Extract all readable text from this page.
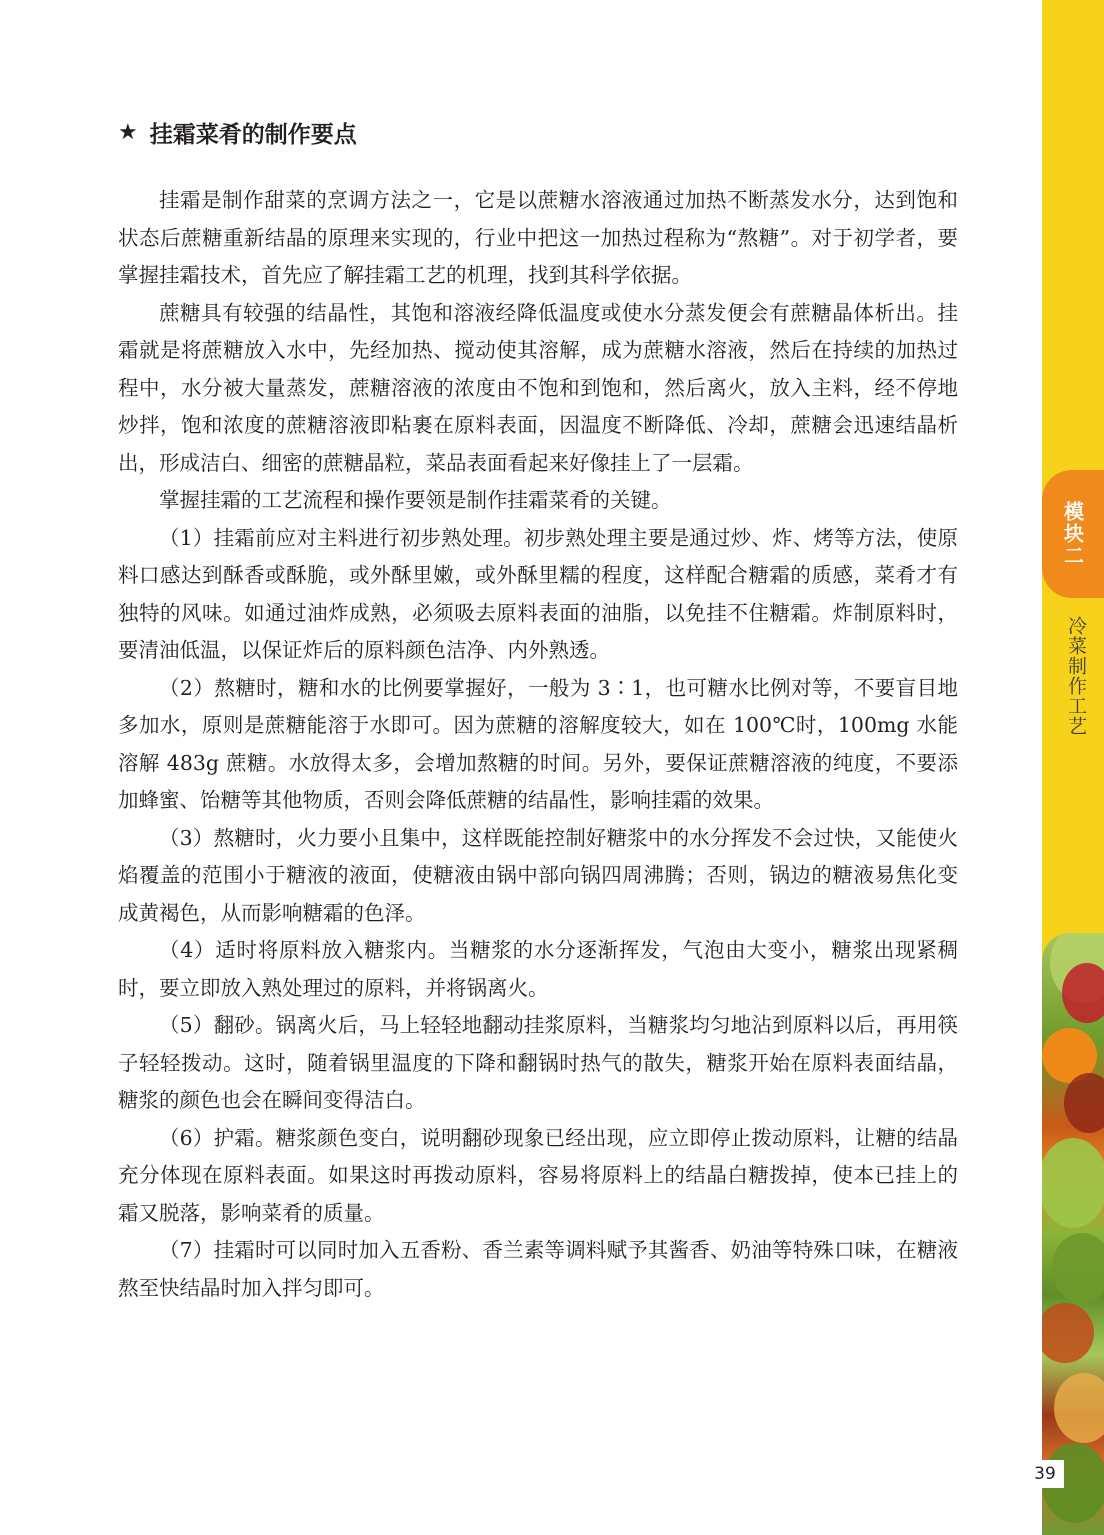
模块二
冷菜制作工艺
39
★ 挂霜菜肴的制作要点

挂霜是制作甜菜的烹调方法之一，它是以蔗糖水溶液通过加热不断蒸发水分，达到饱和状态后蔗糖重新结晶的原理来实现的，行业中把这一加热过程称为“熬糖”。对于初学者，要掌握挂霜技术，首先应了解挂霜工艺的机理，找到其科学依据。

蔗糖具有较强的结晶性，其饱和溶液经降低温度或使水分蒸发便会有蔗糖晶体析出。挂霜就是将蔗糖放入水中，先经加热、搅动使其溶解，成为蔗糖水溶液，然后在持续的加热过程中，水分被大量蒸发，蔗糖溶液的浓度由不饱和到饱和，然后离火，放入主料，经不停地炒拌，饱和浓度的蔗糖溶液即粘裹在原料表面，因温度不断降低、冷却，蔗糖会迅速结晶析出，形成洁白、细密的蔗糖晶粒，菜品表面看起来好像挂上了一层霜。

掌握挂霜的工艺流程和操作要领是制作挂霜菜肴的关键。

（1）挂霜前应对主料进行初步熟处理。初步熟处理主要是通过炒、炸、烤等方法，使原料口感达到酥香或酥脆，或外酥里嫩，或外酥里糯的程度，这样配合糖霜的质感，菜肴才有独特的风味。如通过油炸成熟，必须吸去原料表面的油脂，以免挂不住糖霜。炸制原料时，要清油低温，以保证炸后的原料颜色洁净、内外熟透。

（2）熬糖时，糖和水的比例要掌握好，一般为 3∶1，也可糖水比例对等，不要盲目地多加水，原则是蔗糖能溶于水即可。因为蔗糖的溶解度较大，如在 100℃时，100mg 水能溶解 483g 蔗糖。水放得太多，会增加熬糖的时间。另外，要保证蔗糖溶液的纯度，不要添加蜂蜜、饴糖等其他物质，否则会降低蔗糖的结晶性，影响挂霜的效果。

（3）熬糖时，火力要小且集中，这样既能控制好糖浆中的水分挥发不会过快，又能使火焰覆盖的范围小于糖液的液面，使糖液由锅中部向锅四周沸腾；否则，锅边的糖液易焦化变成黄褐色，从而影响糖霜的色泽。

（4）适时将原料放入糖浆内。当糖浆的水分逐渐挥发，气泡由大变小，糖浆出现紧稠时，要立即放入熟处理过的原料，并将锅离火。

（5）翻砂。锅离火后，马上轻轻地翻动挂浆原料，当糖浆均匀地沾到原料以后，再用筷子轻轻拨动。这时，随着锅里温度的下降和翻锅时热气的散失，糖浆开始在原料表面结晶，糖浆的颜色也会在瞬间变得洁白。

（6）护霜。糖浆颜色变白，说明翻砂现象已经出现，应立即停止拨动原料，让糖的结晶充分体现在原料表面。如果这时再拨动原料，容易将原料上的结晶白糖拨掉，使本已挂上的霜又脱落，影响菜肴的质量。

（7）挂霜时可以同时加入五香粉、香兰素等调料赋予其酱香、奶油等特殊口味，在糖液熬至快结晶时加入拌匀即可。
